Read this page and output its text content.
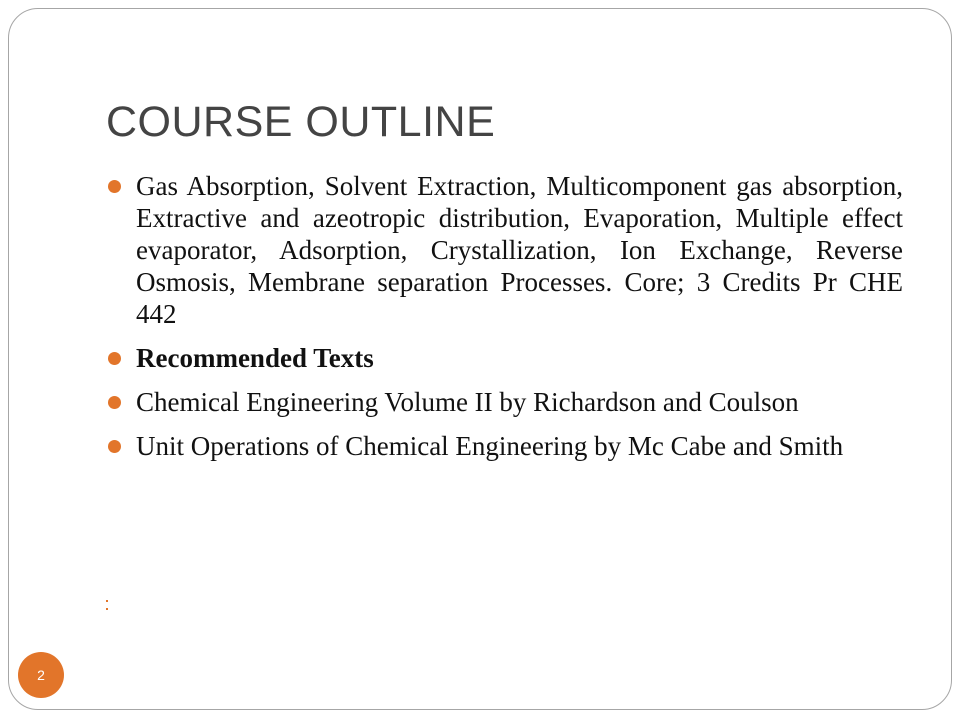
COURSE OUTLINE
Gas Absorption, Solvent Extraction, Multicomponent gas absorption, Extractive and azeotropic distribution, Evaporation, Multiple effect evaporator, Adsorption, Crystallization, Ion Exchange, Reverse Osmosis, Membrane separation Processes. Core; 3 Credits Pr CHE 442
Recommended Texts
Chemical Engineering Volume II by Richardson and Coulson
Unit Operations of Chemical Engineering by Mc Cabe and Smith
2
